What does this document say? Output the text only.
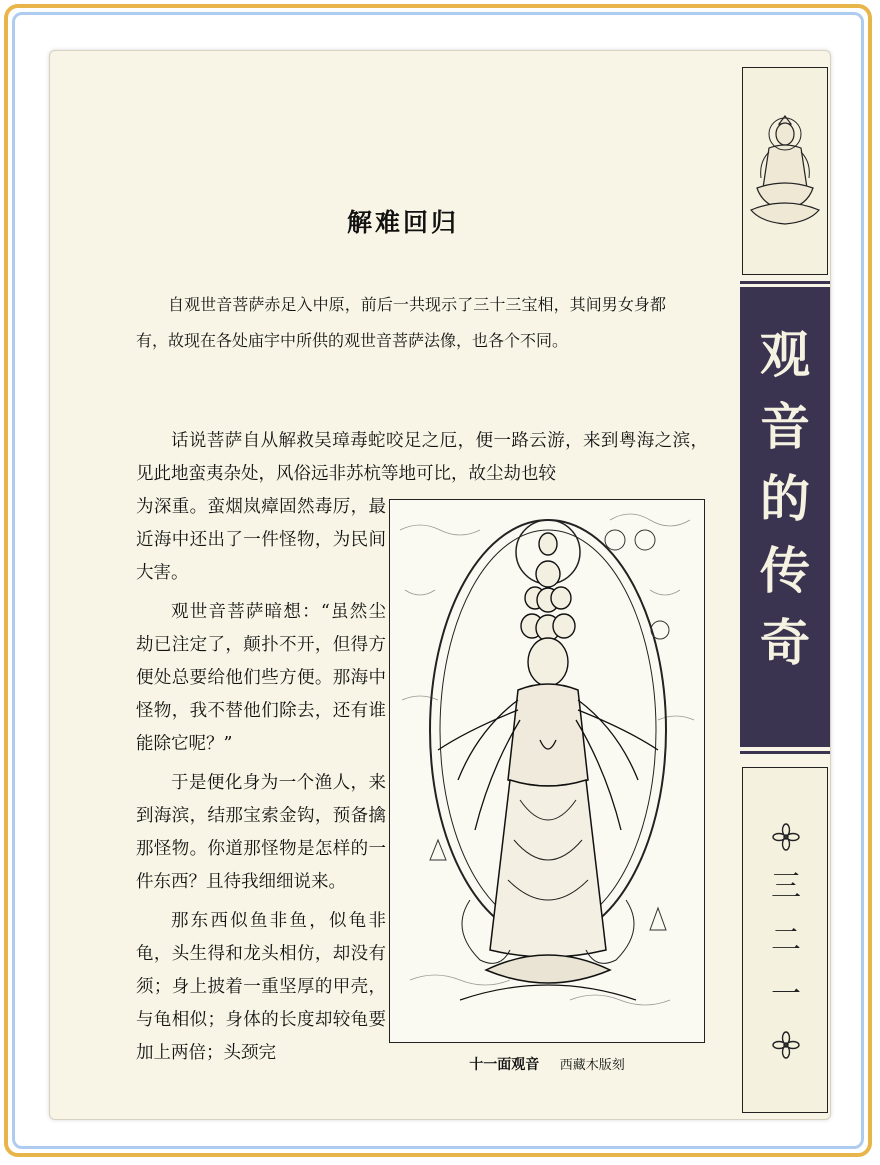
解难回归

自观世音菩萨赤足入中原，前后一共现示了三十三宝相，其间男女身都有，故现在各处庙宇中所供的观世音菩萨法像，也各个不同。

话说菩萨自从解救吴璋毒蛇咬足之厄，便一路云游，来到粤海之滨，见此地蛮夷杂处，风俗远非苏杭等地可比，故尘劫也较

为深重。蛮烟岚瘴固然毒厉，最近海中还出了一件怪物，为民间大害。

观世音菩萨暗想：“虽然尘劫已注定了，颠扑不开，但得方便处总要给他们些方便。那海中怪物，我不替他们除去，还有谁能除它呢？”

于是便化身为一个渔人，来到海滨，结那宝索金钩，预备擒那怪物。你道那怪物是怎样的一件东西？且待我细细说来。

那东西似鱼非鱼，似龟非龟，头生得和龙头相仿，却没有须；身上披着一重坚厚的甲壳，与龟相似；身体的长度却较龟要加上两倍；头颈完

十一面观音 西藏木版刻
观
音
的
传
奇
三
二
一
